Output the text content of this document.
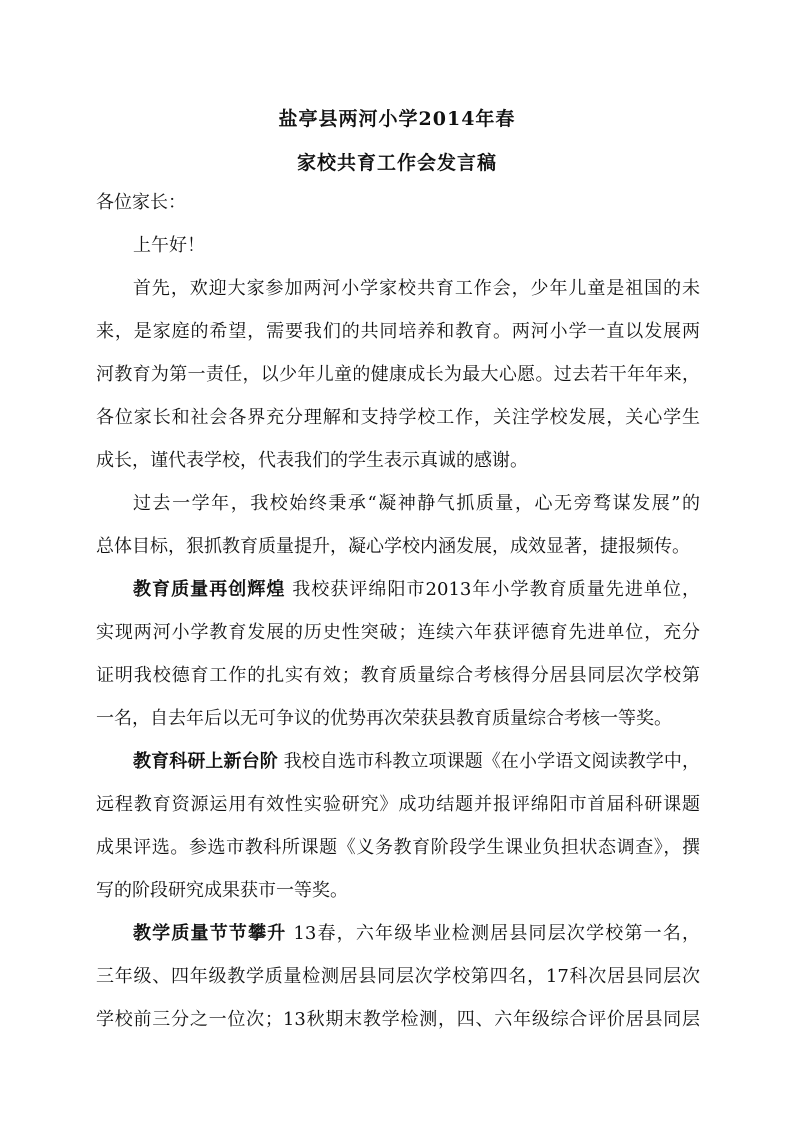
盐亭县两河小学2014年春
家校共育工作会发言稿
各位家长：
上午好！
首先，欢迎大家参加两河小学家校共育工作会，少年儿童是祖国的未
来，是家庭的希望，需要我们的共同培养和教育。两河小学一直以发展两
河教育为第一责任，以少年儿童的健康成长为最大心愿。过去若干年年来，
各位家长和社会各界充分理解和支持学校工作，关注学校发展，关心学生
成长，谨代表学校，代表我们的学生表示真诚的感谢。
过去一学年，我校始终秉承“凝神静气抓质量，心无旁骛谋发展”的
总体目标，狠抓教育质量提升，凝心学校内涵发展，成效显著，捷报频传。
教育质量再创辉煌 我校获评绵阳市2013年小学教育质量先进单位，
实现两河小学教育发展的历史性突破；连续六年获评德育先进单位，充分
证明我校德育工作的扎实有效；教育质量综合考核得分居县同层次学校第
一名，自去年后以无可争议的优势再次荣获县教育质量综合考核一等奖。
教育科研上新台阶 我校自选市科教立项课题《在小学语文阅读教学中，
远程教育资源运用有效性实验研究》成功结题并报评绵阳市首届科研课题
成果评选。参选市教科所课题《义务教育阶段学生课业负担状态调查》，撰
写的阶段研究成果获市一等奖。
教学质量节节攀升 13春，六年级毕业检测居县同层次学校第一名，
三年级、四年级教学质量检测居县同层次学校第四名，17科次居县同层次
学校前三分之一位次；13秋期末教学检测，四、六年级综合评价居县同层
